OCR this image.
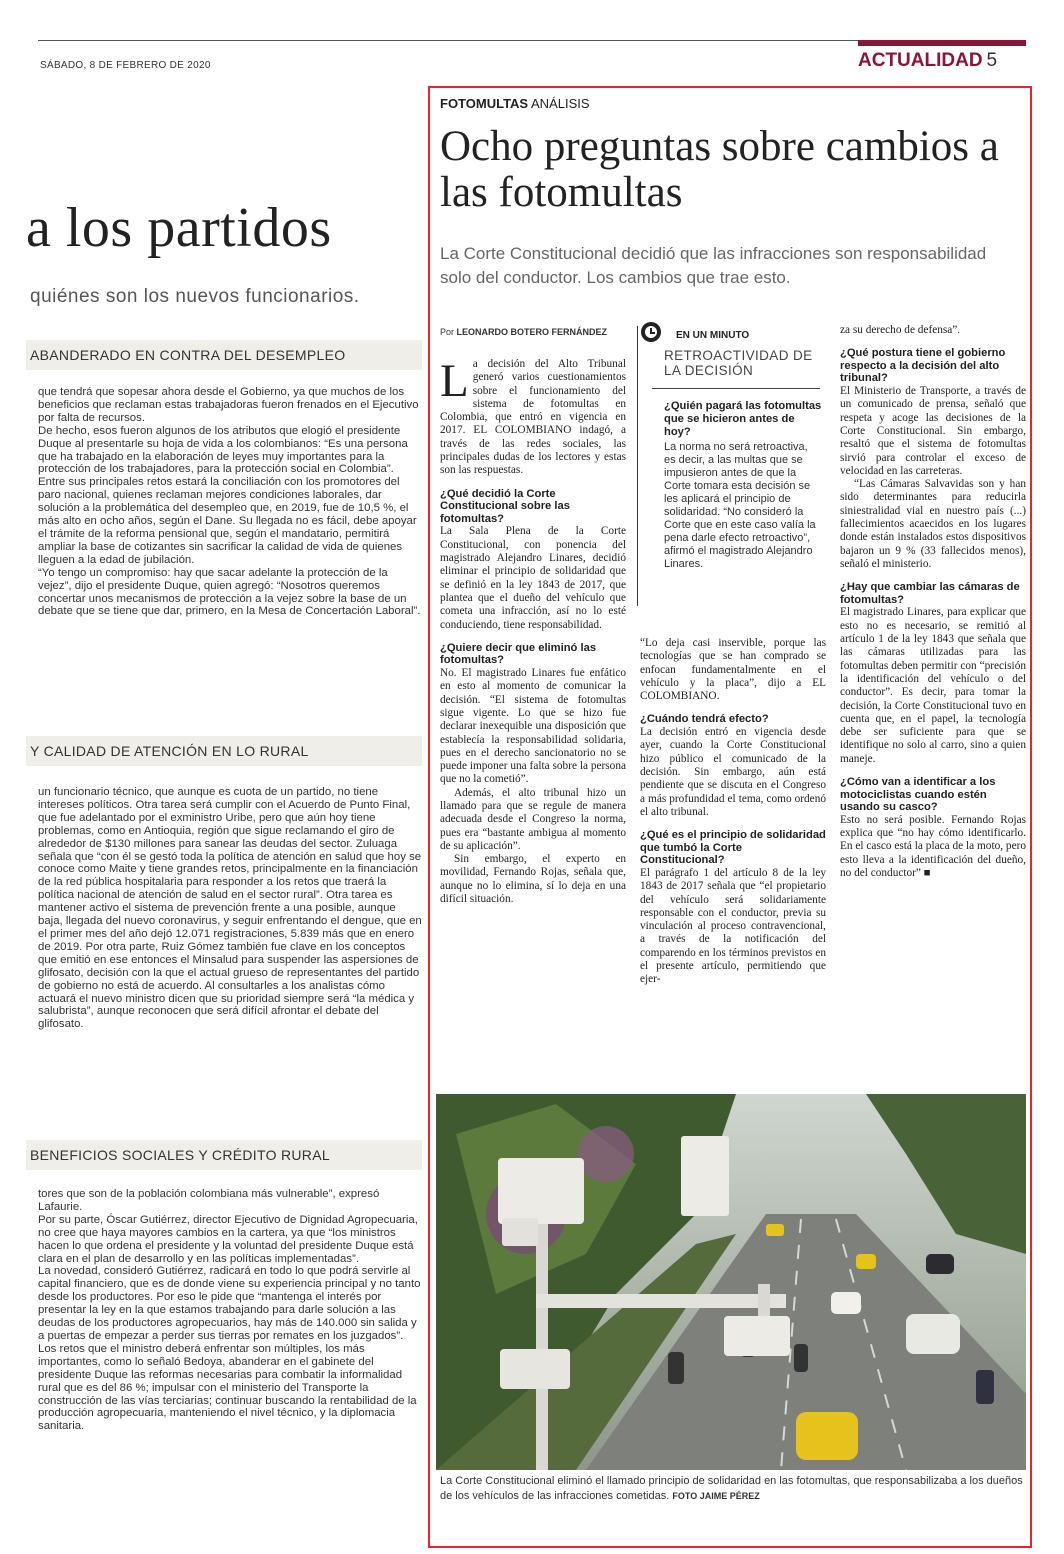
SÁBADO, 8 DE FEBRERO DE 2020	ACTUALIDAD 5
a los partidos
quiénes son los nuevos funcionarios.
ABANDERADO EN CONTRA DEL DESEMPLEO

que tendrá que sopesar ahora desde el Gobierno, ya que muchos de los beneficios que reclaman estas trabajadoras fueron frenados en el Ejecutivo por falta de recursos.

De hecho, esos fueron algunos de los atributos que elogió el presidente Duque al presentarle su hoja de vida a los colombianos: “Es una persona que ha trabajado en la elaboración de leyes muy importantes para la protección de los trabajadores, para la protección social en Colombia”.

Entre sus principales retos estará la conciliación con los promotores del paro nacional, quienes reclaman mejores condiciones laborales, dar solución a la problemática del desempleo que, en 2019, fue de 10,5 %, el más alto en ocho años, según el Dane. Su llegada no es fácil, debe apoyar el trámite de la reforma pensional que, según el mandatario, permitirá ampliar la base de cotizantes sin sacrificar la calidad de vida de quienes lleguen a la edad de jubilación.

“Yo tengo un compromiso: hay que sacar adelante la protección de la vejez”, dijo el presidente Duque, quien agregó: “Nosotros queremos concertar unos mecanismos de protección a la vejez sobre la base de un debate que se tiene que dar, primero, en la Mesa de Concertación Laboral”.

Y CALIDAD DE ATENCIÓN EN LO RURAL

un funcionario técnico, que aunque es cuota de un partido, no tiene intereses políticos. Otra tarea será cumplir con el Acuerdo de Punto Final, que fue adelantado por el exministro Uribe, pero que aún hoy tiene problemas, como en Antioquia, región que sigue reclamando el giro de alrededor de $130 millones para sanear las deudas del sector. Zuluaga señala que “con él se gestó toda la política de atención en salud que hoy se conoce como Maite y tiene grandes retos, principalmente en la financiación de la red pública hospitalaria para responder a los retos que traerá la política nacional de atención de salud en el sector rural”. Otra tarea es mantener activo el sistema de prevención frente a una posible, aunque baja, llegada del nuevo coronavirus, y seguir enfrentando el dengue, que en el primer mes del año dejó 12.071 registraciones, 5.839 más que en enero de 2019. Por otra parte, Ruiz Gómez también fue clave en los conceptos que emitió en ese entonces el Minsalud para suspender las aspersiones de glifosato, decisión con la que el actual grueso de representantes del partido de gobierno no está de acuerdo. Al consultarles a los analistas cómo actuará el nuevo ministro dicen que su prioridad siempre será “la médica y salubrista”, aunque reconocen que será difícil afrontar el debate del glifosato.

BENEFICIOS SOCIALES Y CRÉDITO RURAL

tores que son de la población colombiana más vulnerable”, expresó Lafaurie.

Por su parte, Óscar Gutiérrez, director Ejecutivo de Dignidad Agropecuaria, no cree que haya mayores cambios en la cartera, ya que “los ministros hacen lo que ordena el presidente y la voluntad del presidente Duque está clara en el plan de desarrollo y en las políticas implementadas”.

La novedad, consideró Gutiérrez, radicará en todo lo que podrá servirle al capital financiero, que es de donde viene su experiencia principal y no tanto desde los productores. Por eso le pide que “mantenga el interés por presentar la ley en la que estamos trabajando para darle solución a las deudas de los productores agropecuarios, hay más de 140.000 sin salida y a puertas de empezar a perder sus tierras por remates en los juzgados”.

Los retos que el ministro deberá enfrentar son múltiples, los más importantes, como lo señaló Bedoya, abanderar en el gabinete del presidente Duque las reformas necesarias para combatir la informalidad rural que es del 86 %; impulsar con el ministerio del Transporte la construcción de las vías terciarias; continuar buscando la rentabilidad de la producción agropecuaria, manteniendo el nivel técnico, y la diplomacia sanitaria.

FOTOMULTAS ANÁLISIS
Ocho preguntas sobre cambios a las fotomultas
La Corte Constitucional decidió que las infracciones son responsabilidad solo del conductor. Los cambios que trae esto.
Por LEONARDO BOTERO FERNÁNDEZ

La decisión del Alto Tribunal generó varios cuestionamientos sobre el funcionamiento del sistema de fotomultas en Colombia, que entró en vigencia en 2017. EL COLOMBIANO indagó, a través de las redes sociales, las principales dudas de los lectores y estas son las respuestas.

¿Qué decidió la Corte Constitucional sobre las fotomultas?

La Sala Plena de la Corte Constitucional, con ponencia del magistrado Alejandro Linares, decidió eliminar el principio de solidaridad que se definió en la ley 1843 de 2017, que plantea que el dueño del vehículo que cometa una infracción, así no lo esté conduciendo, tiene responsabilidad.

¿Quiere decir que eliminó las fotomultas?

No. El magistrado Linares fue enfático en esto al momento de comunicar la decisión. “El sistema de fotomultas sigue vigente. Lo que se hizo fue declarar inexequible una disposición que establecía la responsabilidad solidaria, pues en el derecho sancionatorio no se puede imponer una falta sobre la persona que no la cometió”.

Además, el alto tribunal hizo un llamado para que se regule de manera adecuada desde el Congreso la norma, pues era “bastante ambigua al momento de su aplicación”.

Sin embargo, el experto en movilidad, Fernando Rojas, señala que, aunque no lo elimina, sí lo deja en una difícil situación.

EN UN MINUTO
RETROACTIVIDAD DE LA DECISIÓN
¿Quién pagará las fotomultas que se hicieron antes de hoy?
La norma no será retroactiva, es decir, a las multas que se impusieron antes de que la Corte tomara esta decisión se les aplicará el principio de solidaridad. “No consideró la Corte que en este caso valía la pena darle efecto retroactivo”, afirmó el magistrado Alejandro Linares.

“Lo deja casi inservible, porque las tecnologías que se han comprado se enfocan fundamentalmente en el vehículo y la placa”, dijo a EL COLOMBIANO.

¿Cuándo tendrá efecto?

La decisión entró en vigencia desde ayer, cuando la Corte Constitucional hizo público el comunicado de la decisión. Sin embargo, aún está pendiente que se discuta en el Congreso a más profundidad el tema, como ordenó el alto tribunal.

¿Qué es el principio de solidaridad que tumbó la Corte Constitucional?

El parágrafo 1 del artículo 8 de la ley 1843 de 2017 señala que “el propietario del vehículo será solidariamente responsable con el conductor, previa su vinculación al proceso contravencional, a través de la notificación del comparendo en los términos previstos en el presente artículo, permitiendo que ejer-

za su derecho de defensa”.

¿Qué postura tiene el gobierno respecto a la decisión del alto tribunal?

El Ministerio de Transporte, a través de un comunicado de prensa, señaló que respeta y acoge las decisiones de la Corte Constitucional. Sin embargo, resaltó que el sistema de fotomultas sirvió para controlar el exceso de velocidad en las carreteras.

“Las Cámaras Salvavidas son y han sido determinantes para reducirla siniestralidad vial en nuestro país (...) fallecimientos acaecidos en los lugares donde están instalados estos dispositivos bajaron un 9 % (33 fallecidos menos), señaló el ministerio.

¿Hay que cambiar las cámaras de fotomultas?

El magistrado Linares, para explicar que esto no es necesario, se remitió al artículo 1 de la ley 1843 que señala que las cámaras utilizadas para las fotomultas deben permitir con “precisión la identificación del vehículo o del conductor”. Es decir, para tomar la decisión, la Corte Constitucional tuvo en cuenta que, en el papel, la tecnología debe ser suficiente para que se identifique no solo al carro, sino a quien maneje.

¿Cómo van a identificar a los motociclistas cuando estén usando su casco?

Esto no será posible. Fernando Rojas explica que “no hay cómo identificarlo. En el casco está la placa de la moto, pero esto lleva a la identificación del dueño, no del conductor” ■

La Corte Constitucional eliminó el llamado principio de solidaridad en las fotomultas, que responsabilizaba a los dueños de los vehículos de las infracciones cometidas. FOTO JAIME PÉREZ
